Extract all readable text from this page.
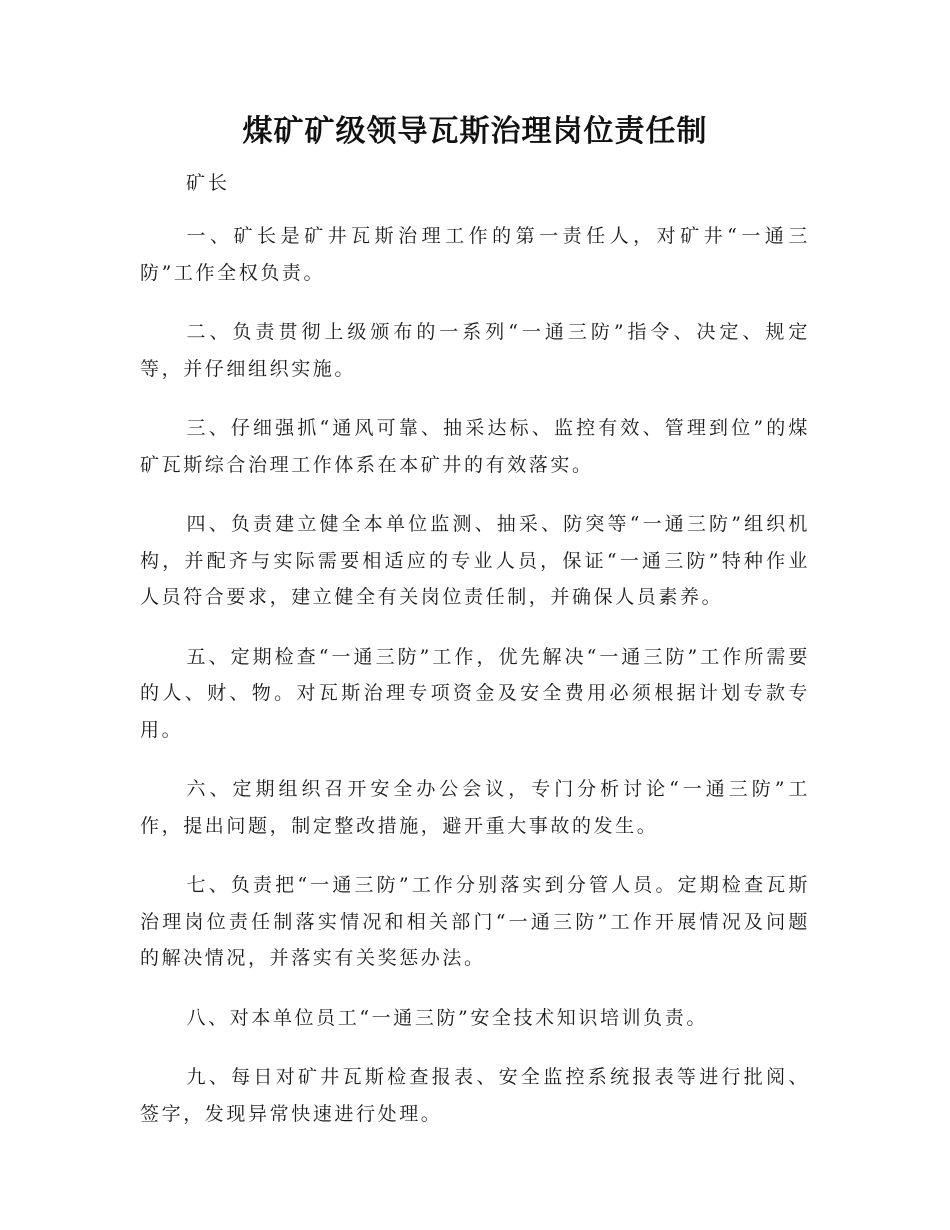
煤矿矿级领导瓦斯治理岗位责任制
矿长

一、矿长是矿井瓦斯治理工作的第一责任人，对矿井“一通三防”工作全权负责。

二、负责贯彻上级颁布的一系列“一通三防”指令、决定、规定等，并仔细组织实施。

三、仔细强抓“通风可靠、抽采达标、监控有效、管理到位”的煤矿瓦斯综合治理工作体系在本矿井的有效落实。

四、负责建立健全本单位监测、抽采、防突等“一通三防”组织机构，并配齐与实际需要相适应的专业人员，保证“一通三防”特种作业人员符合要求，建立健全有关岗位责任制，并确保人员素养。

五、定期检查“一通三防”工作，优先解决“一通三防”工作所需要的人、财、物。对瓦斯治理专项资金及安全费用必须根据计划专款专用。

六、定期组织召开安全办公会议，专门分析讨论“一通三防”工作，提出问题，制定整改措施，避开重大事故的发生。

七、负责把“一通三防”工作分别落实到分管人员。定期检查瓦斯治理岗位责任制落实情况和相关部门“一通三防”工作开展情况及问题的解决情况，并落实有关奖惩办法。

八、对本单位员工“一通三防”安全技术知识培训负责。

九、每日对矿井瓦斯检查报表、安全监控系统报表等进行批阅、签字，发现异常快速进行处理。
